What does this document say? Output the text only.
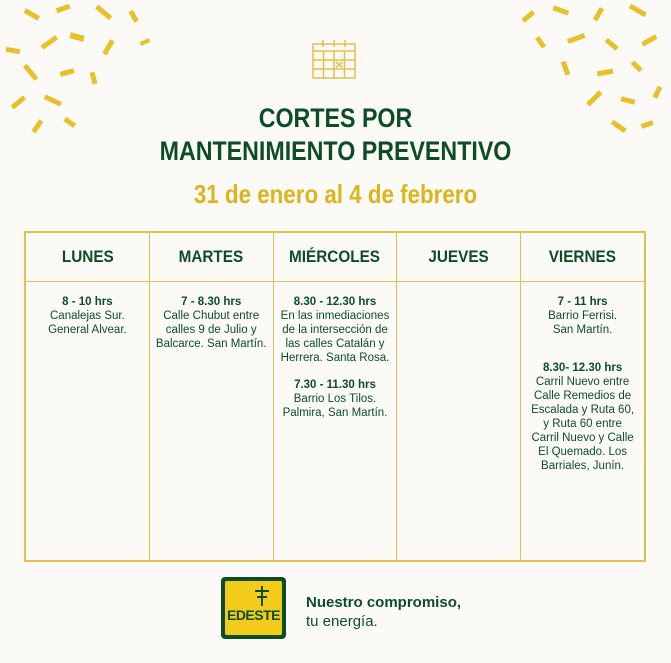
CORTES POR
MANTENIMIENTO PREVENTIVO
31 de enero al 4 de febrero
LUNES
8 - 10 hrs
Canalejas Sur.
General Alvear.
MARTES
7 - 8.30 hrs
Calle Chubut entre
calles 9 de Julio y
Balcarce. San Martín.
MIÉRCOLES
8.30 - 12.30 hrs
En las inmediaciones
de la intersección de
las calles Catalán y
Herrera. Santa Rosa.
7.30 - 11.30 hrs
Barrio Los Tilos.
Palmira, San Martín.
JUEVES	VIERNES
7 - 11 hrs
Barrio Ferrisi.
San Martín.
8.30- 12.30 hrs
Carril Nuevo entre
Calle Remedios de
Escalada y Ruta 60,
y Ruta 60 entre
Carril Nuevo y Calle
El Quemado. Los
Barriales, Junín.
EDESTE
Nuestro compromiso,
tu energía.
